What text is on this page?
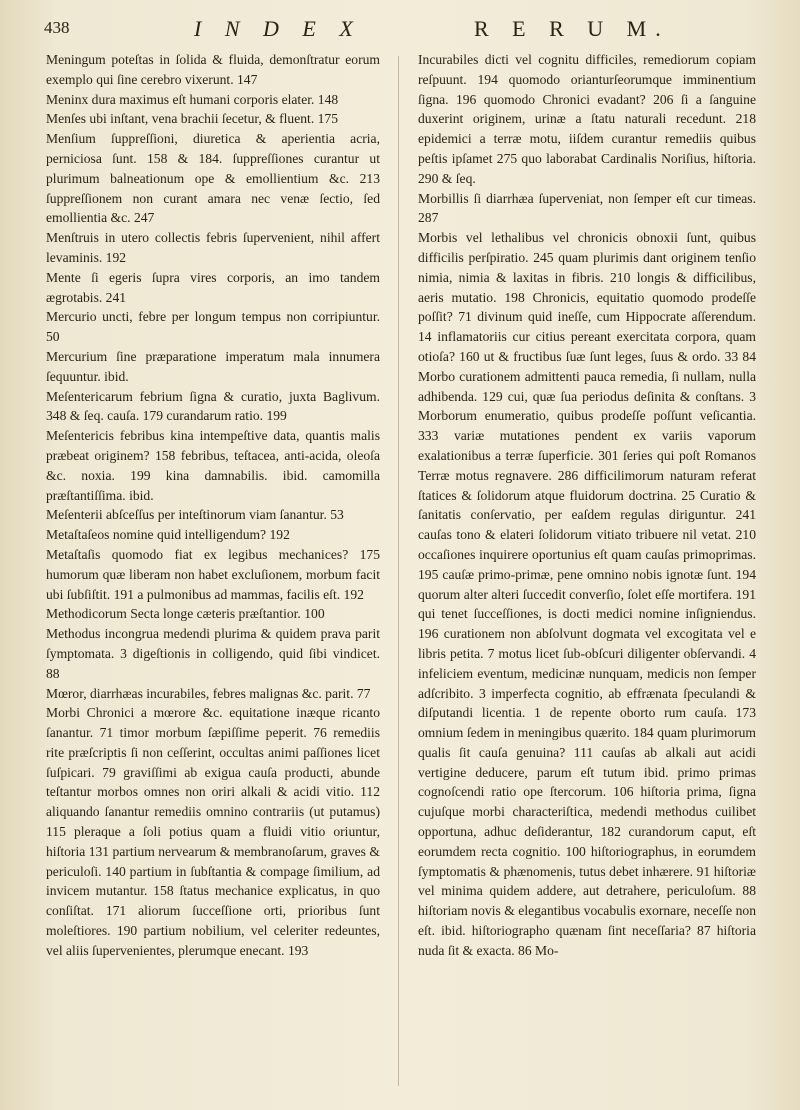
438	I N D E X	R E R U M.

Meningum poteſtas in ſolida & fluida, demonſtratur eorum exemplo qui ſine cerebro vixerunt. 147

Meninx dura maximus eſt humani corporis elater. 148

Menſes ubi inſtant, vena brachii ſecetur, & fluent. 175

Menſium ſuppreſſioni, diuretica & aperientia acria, perniciosa ſunt. 158 & 184. ſuppreſſiones curantur ut plurimum balneationum ope & emollientium &c. 213 ſuppreſſionem non curant amara nec venæ ſectio, ſed emollientia &c. 247

Menſtruis in utero collectis febris ſupervenient, nihil affert levaminis. 192

Mente ſi egeris ſupra vires corporis, an imo tandem ægrotabis. 241

Mercurio uncti, febre per longum tempus non corripiuntur. 50

Mercurium ſine præparatione imperatum mala innumera ſequuntur. ibid.

Meſentericarum febrium ſigna & curatio, juxta Baglivum. 348 & ſeq. cauſa. 179 curandarum ratio. 199

Meſentericis febribus kina intempeſtive data, quantis malis præbeat originem? 158 febribus, teſtacea, anti-acida, oleoſa &c. noxia. 199 kina damnabilis. ibid. camomilla præſtantiſſima. ibid.

Meſenterii abſceſſus per inteſtinorum viam ſanantur. 53

Metaſtaſeos nomine quid intelligendum? 192

Metaſtaſis quomodo fiat ex legibus mechanices? 175 humorum quæ liberam non habet excluſionem, morbum facit ubi ſubſiſtit. 191 a pulmonibus ad mammas, facilis eſt. 192

Methodicorum Secta longe cæteris præſtantior. 100

Methodus incongrua medendi plurima & quidem prava parit ſymptomata. 3 digeſtionis in colligendo, quid ſibi vindicet. 88

Mœror, diarrhæas incurabiles, febres malignas &c. parit. 77

Morbi Chronici a mœrore &c. equitatione inæque ricanto ſanantur. 71 timor morbum ſæpiſſime peperit. 76 remediis rite præſcriptis ſi non ceſſerint, occultas animi paſſiones licet ſuſpicari. 79 graviſſimi ab exigua cauſa producti, abunde teſtantur morbos omnes non oriri alkali & acidi vitio. 112 aliquando ſanantur remediis omnino contrariis (ut putamus) 115 pleraque a ſoli potius quam a fluidi vitio oriuntur, hiſtoria 131 partium nervearum & membranoſarum, graves & periculoſi. 140 partium in ſubſtantia & compage ſimilium, ad invicem mutantur. 158 ſtatus mechanice explicatus, in quo conſiſtat. 171 aliorum ſucceſſione orti, prioribus ſunt moleſtiores. 190 partium nobilium, vel celeriter redeuntes, vel aliis ſupervenientes, plerumque enecant. 193

Incurabiles dicti vel cognitu difficiles, remediorum copiam reſpuunt. 194 quomodo orianturſeorumque imminentium ſigna. 196 quomodo Chronici evadant? 206 ſi a ſanguine duxerint originem, urinæ a ſtatu naturali recedunt. 218 epidemici a terræ motu, iiſdem curantur remediis quibus peſtis ipſamet 275 quo laborabat Cardinalis Noriſius, hiſtoria. 290 & ſeq.

Morbillis ſi diarrhæa ſuperveniat, non ſemper eſt cur timeas. 287

Morbis vel lethalibus vel chronicis obnoxii ſunt, quibus difficilis perſpiratio. 245 quam plurimis dant originem tenſio nimia, nimia & laxitas in fibris. 210 longis & difficilibus, aeris mutatio. 198 Chronicis, equitatio quomodo prodeſſe poſſit? 71 divinum quid ineſſe, cum Hippocrate aſſerendum. 14 inflamatoriis cur citius pereant exercitata corpora, quam otioſa? 160 ut & fructibus ſuæ ſunt leges, ſuus & ordo. 33 84 Morbo curationem admittenti pauca remedia, ſi nullam, nulla adhibenda. 129 cui, quæ ſua periodus deſinita & conſtans. 3 Morborum enumeratio, quibus prodeſſe poſſunt veſicantia. 333 variæ mutationes pendent ex variis vaporum exalationibus a terræ ſuperficie. 301 ſeries qui poſt Romanos Terræ motus regnavere. 286 difficilimorum naturam referat ſtatices & ſolidorum atque fluidorum doctrina. 25 Curatio & ſanitatis conſervatio, per eaſdem regulas diriguntur. 241 cauſas tono & elateri ſolidorum vitiato tribuere nil vetat. 210 occaſiones inquirere oportunius eſt quam cauſas primoprimas. 195 cauſæ primo-primæ, pene omnino nobis ignotæ ſunt. 194 quorum alter alteri ſuccedit converſio, ſolet eſſe mortifera. 191 qui tenet ſucceſſiones, is docti medici nomine inſigniendus. 196 curationem non abſolvunt dogmata vel excogitata vel e libris petita. 7 motus licet ſub-obſcuri diligenter obſervandi. 4 infeliciem eventum, medicinæ nunquam, medicis non ſemper adſcribito. 3 imperfecta cognitio, ab effrænata ſpeculandi & diſputandi licentia. 1 de repente oborto rum cauſa. 173 omnium ſedem in meningibus quærito. 184 quam plurimorum qualis ſit cauſa genuina? 111 cauſas ab alkali aut acidi vertigine deducere, parum eſt tutum ibid. primo primas cognoſcendi ratio ope ſtercorum. 106 hiſtoria prima, ſigna cujuſque morbi characteriſtica, medendi methodus cuilibet opportuna, adhuc deſiderantur, 182 curandorum caput, eſt eorumdem recta cognitio. 100 hiſtoriographus, in eorumdem ſymptomatis & phænomenis, tutus debet inhærere. 91 hiſtoriæ vel minima quidem addere, aut detrahere, periculoſum. 88 hiſtoriam novis & elegantibus vocabulis exornare, neceſſe non eſt. ibid. hiſtoriographo quænam ſint neceſſaria? 87 hiſtoria nuda ſit & exacta. 86 Mo-
